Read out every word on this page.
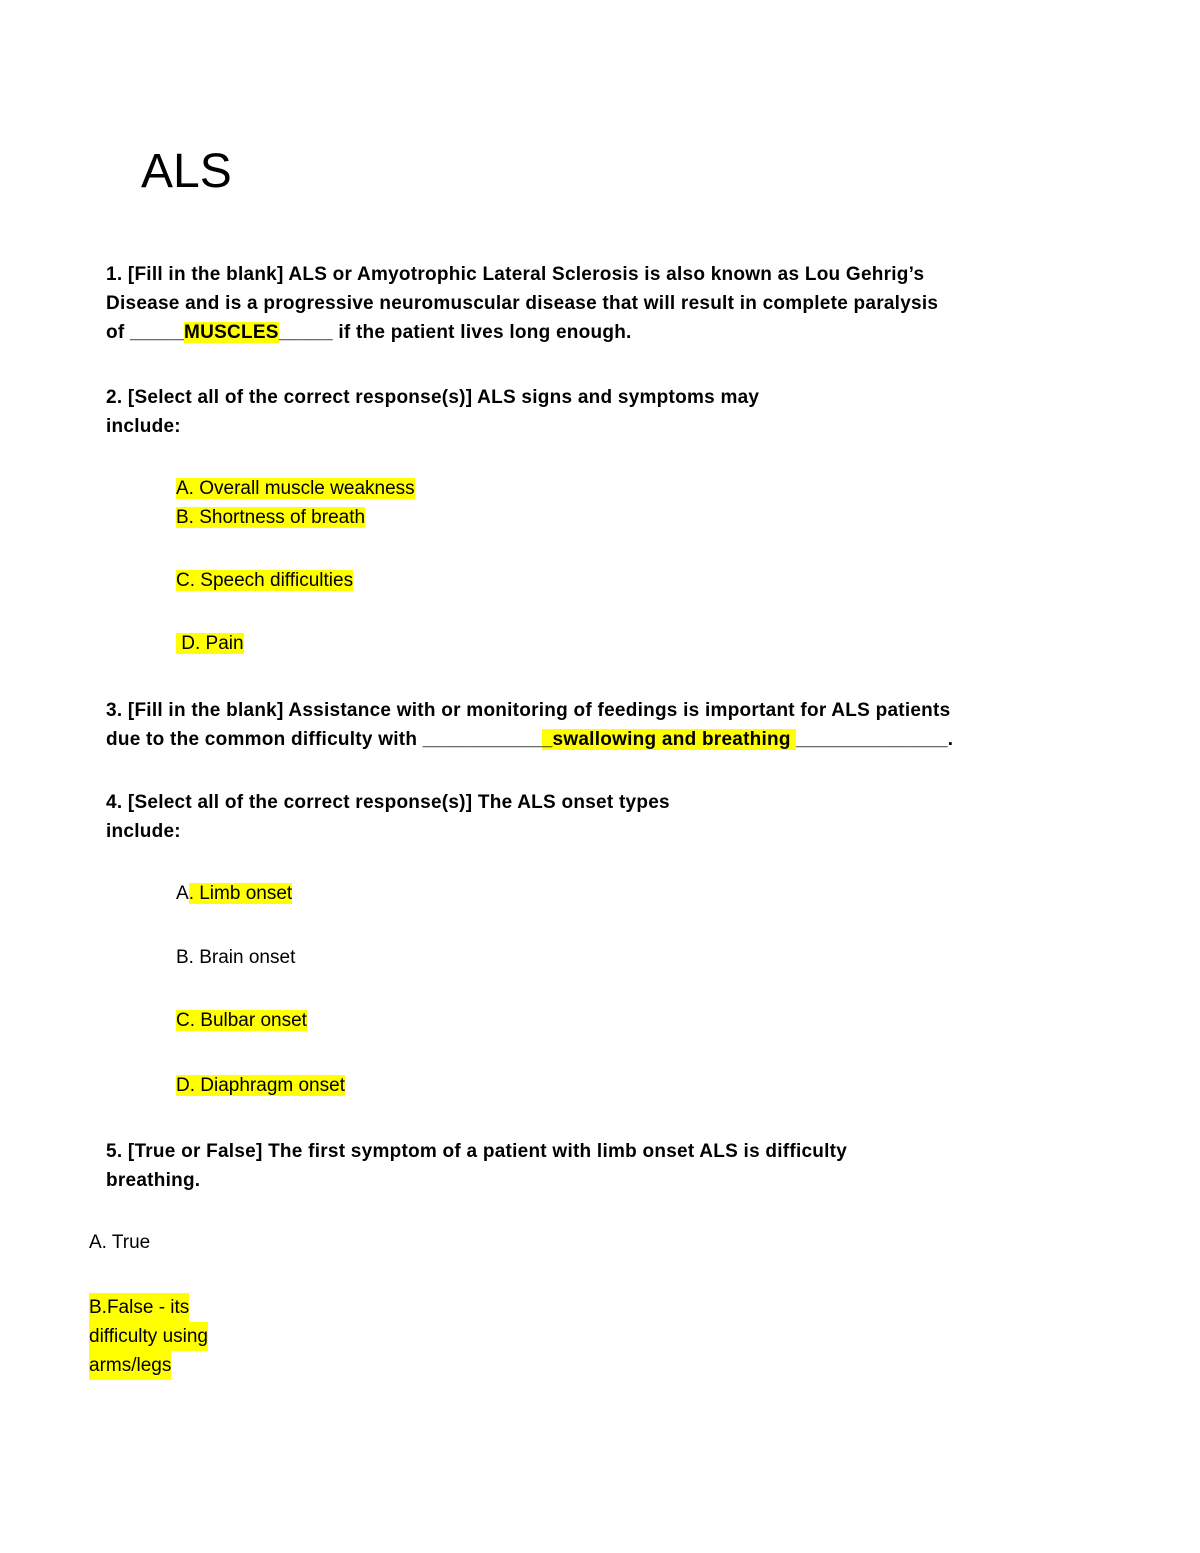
ALS
1. [Fill in the blank] ALS or Amyotrophic Lateral Sclerosis is also known as Lou Gehrig’s
Disease and is a progressive neuromuscular disease that will result in complete paralysis
of _____MUSCLES_____ if the patient lives long enough.
2. [Select all of the correct response(s)] ALS signs and symptoms may
include:
A. Overall muscle weakness
B. Shortness of breath
C. Speech difficulties
D. Pain
3. [Fill in the blank] Assistance with or monitoring of feedings is important for ALS patients
due to the common difficulty with ____________swallowing and breathing ______________.
4. [Select all of the correct response(s)] The ALS onset types
include:
A. Limb onset
B. Brain onset
C. Bulbar onset
D. Diaphragm onset
5. [True or False] The first symptom of a patient with limb onset ALS is difficulty
breathing.
A. True
B.False - its
difficulty using
arms/legs
